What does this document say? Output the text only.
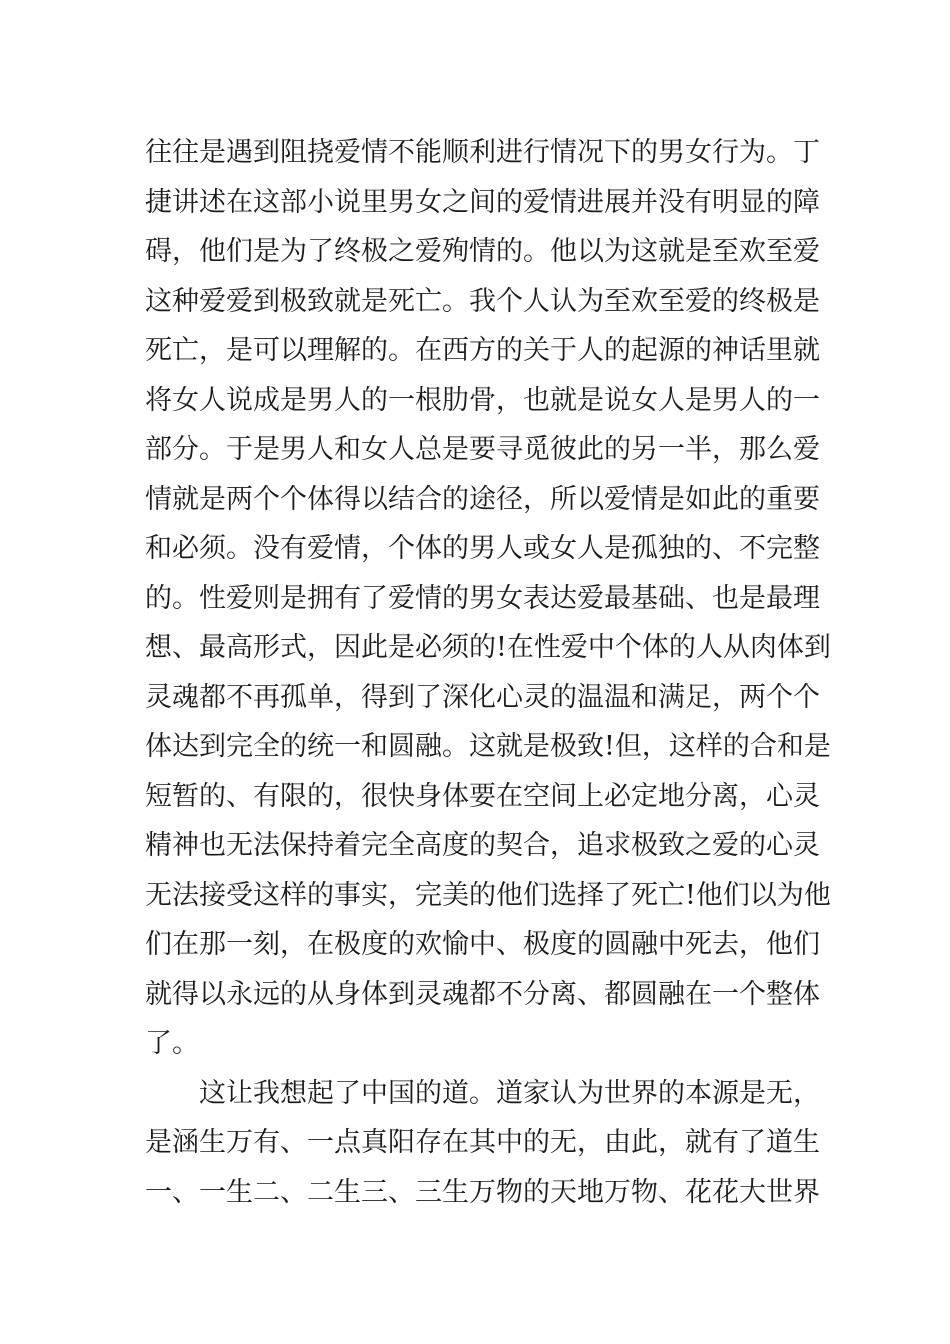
往往是遇到阻挠爱情不能顺利进行情况下的男女行为。丁
捷讲述在这部小说里男女之间的爱情进展并没有明显的障
碍，他们是为了终极之爱殉情的。他以为这就是至欢至爱
这种爱爱到极致就是死亡。我个人认为至欢至爱的终极是
死亡，是可以理解的。在西方的关于人的起源的神话里就
将女人说成是男人的一根肋骨，也就是说女人是男人的一
部分。于是男人和女人总是要寻觅彼此的另一半，那么爱
情就是两个个体得以结合的途径，所以爱情是如此的重要
和必须。没有爱情，个体的男人或女人是孤独的、不完整
的。性爱则是拥有了爱情的男女表达爱最基础、也是最理
想、最高形式，因此是必须的!在性爱中个体的人从肉体到
灵魂都不再孤单，得到了深化心灵的温温和满足，两个个
体达到完全的统一和圆融。这就是极致!但，这样的合和是
短暂的、有限的，很快身体要在空间上必定地分离，心灵
精神也无法保持着完全高度的契合，追求极致之爱的心灵
无法接受这样的事实，完美的他们选择了死亡!他们以为他
们在那一刻，在极度的欢愉中、极度的圆融中死去，他们
就得以永远的从身体到灵魂都不分离、都圆融在一个整体
了。
这让我想起了中国的道。道家认为世界的本源是无，
是涵生万有、一点真阳存在其中的无，由此，就有了道生
一、一生二、二生三、三生万物的天地万物、花花大世界
